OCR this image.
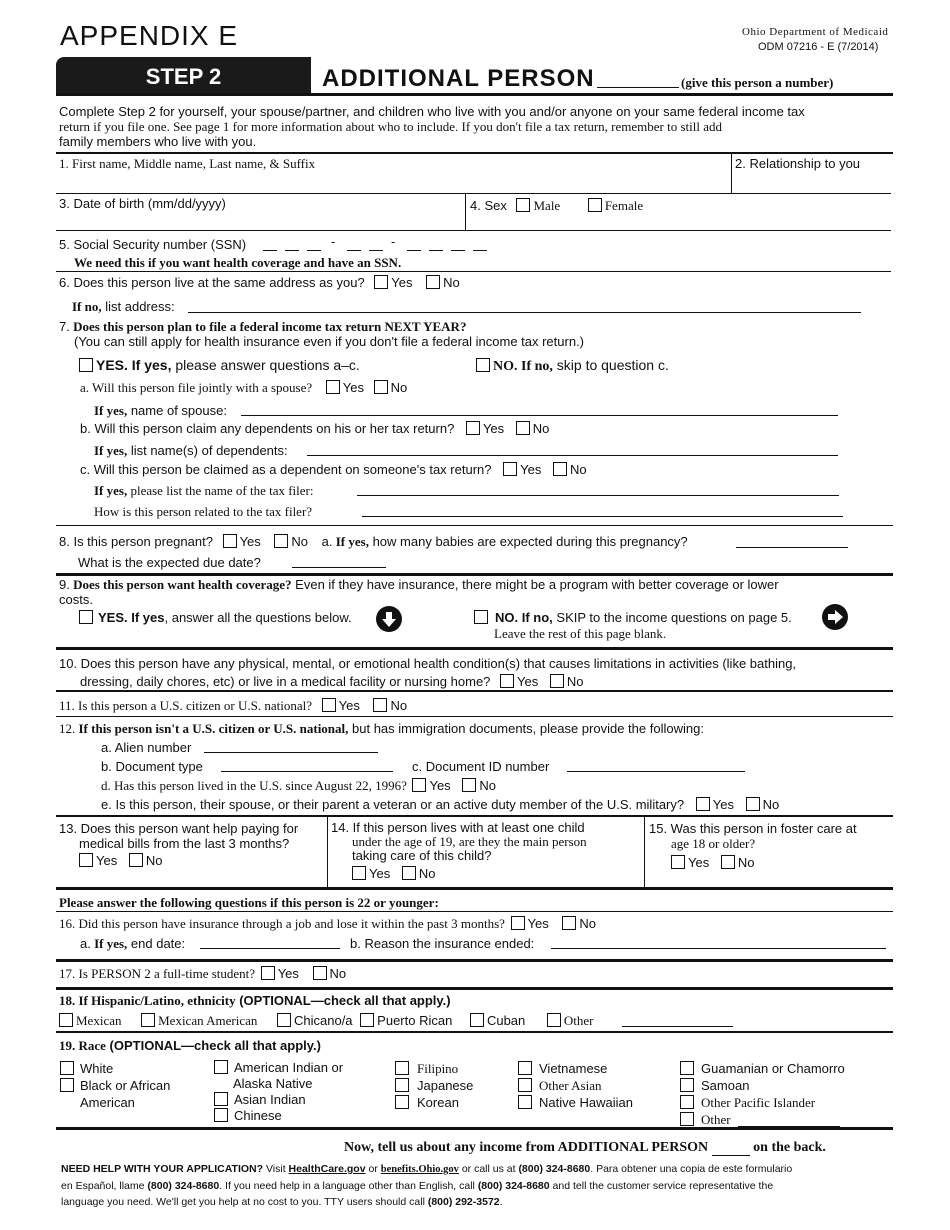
APPENDIX E	Ohio Department of Medicaid
ODM 07216 - E (7/2014)
STEP 2	ADDITIONAL PERSON	(give this person a number)
Complete Step 2 for yourself, your spouse/partner, and children who live with you and/or anyone on your same federal income tax
return if you file one. See page 1 for more information about who to include. If you don't file a tax return, remember to still add
family members who live with you.
1. First name, Middle name, Last name, & Suffix	2. Relationship to you
3. Date of birth (mm/dd/yyyy)	4. Sex Male	Female
5. Social Security number (SSN)	-	-
We need this if you want health coverage and have an SSN.
6. Does this person live at the same address as you? Yes No
If no, list address:
7. Does this person plan to file a federal income tax return NEXT YEAR?
(You can still apply for health insurance even if you don't file a federal income tax return.)
YES. If yes, please answer questions a–c.	NO. If no, skip to question c.
a. Will this person file jointly with a spouse? Yes No
If yes, name of spouse:
b. Will this person claim any dependents on his or her tax return? Yes No
If yes, list name(s) of dependents:
c. Will this person be claimed as a dependent on someone's tax return? Yes No
If yes, please list the name of the tax filer:
How is this person related to the tax filer?
8. Is this person pregnant? Yes No a. If yes, how many babies are expected during this pregnancy?
What is the expected due date?
9. Does this person want health coverage? Even if they have insurance, there might be a program with better coverage or lower
costs.
YES. If yes, answer all the questions below.	NO. If no, SKIP to the income questions on page 5.
Leave the rest of this page blank.
10. Does this person have any physical, mental, or emotional health condition(s) that causes limitations in activities (like bathing,
dressing, daily chores, etc) or live in a medical facility or nursing home? Yes No
11. Is this person a U.S. citizen or U.S. national? Yes No
12. If this person isn't a U.S. citizen or U.S. national, but has immigration documents, please provide the following:
a. Alien number
b. Document type	c. Document ID number
d. Has this person lived in the U.S. since August 22, 1996? Yes No
e. Is this person, their spouse, or their parent a veteran or an active duty member of the U.S. military? Yes No
13. Does this person want help paying for
medical bills from the last 3 months?
Yes No
14. If this person lives with at least one child
under the age of 19, are they the main person
taking care of this child?
Yes No
15. Was this person in foster care at
age 18 or older?
Yes No
Please answer the following questions if this person is 22 or younger:
16. Did this person have insurance through a job and lose it within the past 3 months? Yes No
a. If yes, end date:	b. Reason the insurance ended:
17. Is PERSON 2 a full-time student? Yes No
18. If Hispanic/Latino, ethnicity (OPTIONAL—check all that apply.)
Mexican	Mexican American	Chicano/a Puerto Rican	Cuban	Other
19. Race (OPTIONAL—check all that apply.)
White
Black or African
American
American Indian or
Alaska Native
Asian Indian
Chinese
Filipino
Japanese
Korean
Vietnamese
Other Asian
Native Hawaiian
Guamanian or Chamorro
Samoan
Other Pacific Islander
Other
Now, tell us about any income from ADDITIONAL PERSON	on the back.
NEED HELP WITH YOUR APPLICATION? Visit HealthCare.gov or benefits.Ohio.gov or call us at (800) 324-8680. Para obtener una copia de este formulario
en Español, llame (800) 324-8680. If you need help in a language other than English, call (800) 324-8680 and tell the customer service representative the
language you need. We'll get you help at no cost to you. TTY users should call (800) 292-3572.
